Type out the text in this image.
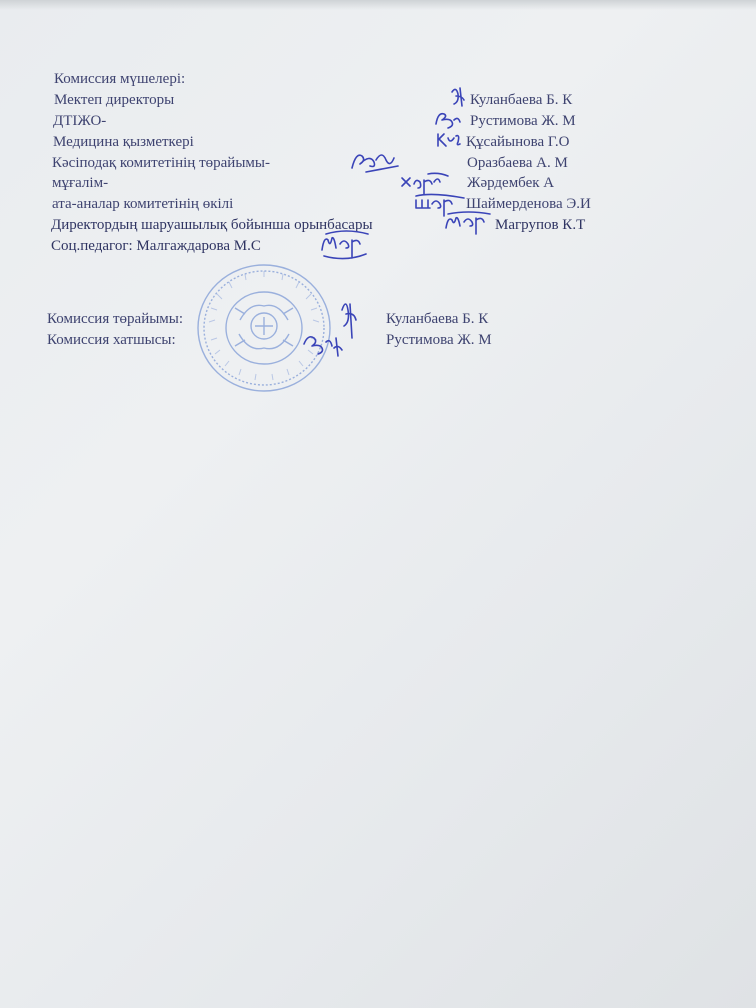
Комиссия мүшелері:
Мектеп директоры
ДТІЖО-
Медицина қызметкері
Кәсіподақ комитетінің төрайымы-
мұғалім-
ата-аналар комитетінің өкілі
Директордың шаруашылық бойынша орынбасары
Соц.педагог: Малгаждарова М.С
Куланбаева Б. К
Рустимова Ж. М
Құсайынова Г.О
Оразбаева А. М
Жәрдембек А
Шаймерденова Э.И
Магрупов К.Т
Комиссия төрайымы:	Куланбаева Б. К
Комиссия хатшысы:	Рустимова Ж. М
